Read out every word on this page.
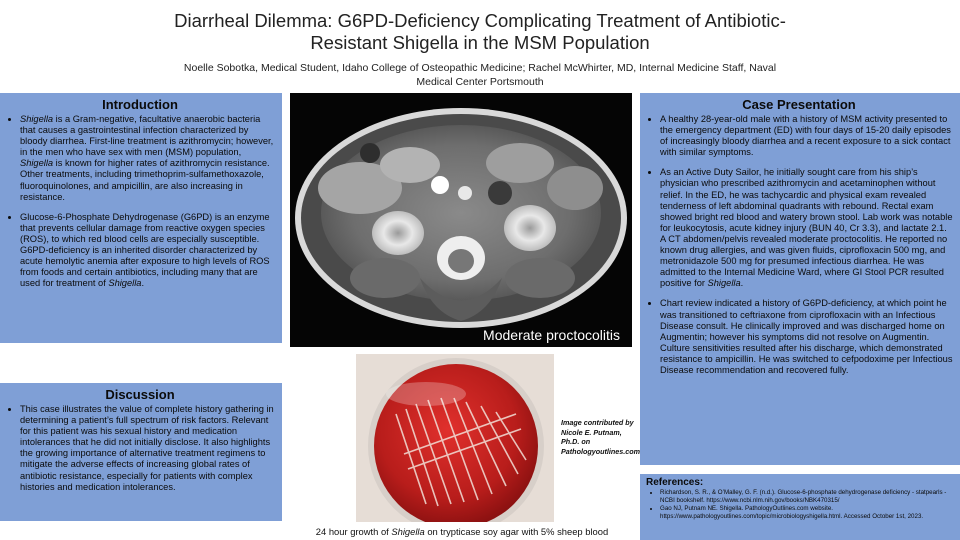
Diarrheal Dilemma: G6PD-Deficiency Complicating Treatment of Antibiotic-
Resistant Shigella in the MSM Population
Noelle Sobotka, Medical Student, Idaho College of Osteopathic Medicine; Rachel McWhirter, MD, Internal Medicine Staff, Naval
Medical Center Portsmouth
Introduction
• Shigella is a Gram-negative, facultative anaerobic bacteria that causes a gastrointestinal infection characterized by bloody diarrhea. First-line treatment is azithromycin; however, in the men who have sex with men (MSM) population, Shigella is known for higher rates of azithromycin resistance. Other treatments, including trimethoprim-sulfamethoxazole, fluoroquinolones, and ampicillin, are also increasing in resistance.
• Glucose-6-Phosphate Dehydrogenase (G6PD) is an enzyme that prevents cellular damage from reactive oxygen species (ROS), to which red blood cells are especially susceptible. G6PD-deficiency is an inherited disorder characterized by acute hemolytic anemia after exposure to high levels of ROS from foods and certain antibiotics, including many that are used for treatment of Shigella.
Discussion
• This case illustrates the value of complete history gathering in determining a patient’s full spectrum of risk factors. Relevant for this patient was his sexual history and medication intolerances that he did not initially disclose. It also highlights the growing importance of alternative treatment regimens to mitigate the adverse effects of increasing global rates of antibiotic resistance, especially for patients with complex histories and medication intolerances.
Moderate proctocolitis
Image contributed by Nicole E. Putnam, Ph.D. on Pathologyoutlines.com
24 hour growth of Shigella on trypticase soy agar with 5% sheep blood
Case Presentation
• A healthy 28-year-old male with a history of MSM activity presented to the emergency department (ED) with four days of 15-20 daily episodes of increasingly bloody diarrhea and a recent exposure to a sick contact with similar symptoms.
• As an Active Duty Sailor, he initially sought care from his ship’s physician who prescribed azithromycin and acetaminophen without relief. In the ED, he was tachycardic and physical exam revealed tenderness of left abdominal quadrants with rebound. Rectal exam showed bright red blood and watery brown stool. Lab work was notable for leukocytosis, acute kidney injury (BUN 40, Cr 3.3), and lactate 2.1. A CT abdomen/pelvis revealed moderate proctocolitis. He reported no known drug allergies, and was given fluids, ciprofloxacin 500 mg, and metronidazole 500 mg for presumed infectious diarrhea. He was admitted to the Internal Medicine Ward, where GI Stool PCR resulted positive for Shigella.
• Chart review indicated a history of G6PD-deficiency, at which point he was transitioned to ceftriaxone from ciprofloxacin with an Infectious Disease consult. He clinically improved and was discharged home on Augmentin; however his symptoms did not resolve on Augmentin. Culture sensitivities resulted after his discharge, which demonstrated resistance to ampicillin. He was switched to cefpodoxime per Infectious Disease recommendation and recovered fully.
References:
• Richardson, S. R., & O’Malley, G. F. (n.d.). Glucose-6-phosphate dehydrogenase deficiency - statpearls - NCBI bookshelf. https://www.ncbi.nlm.nih.gov/books/NBK470315/
• Gao NJ, Putnam NE. Shigella. PathologyOutlines.com website. https://www.pathologyoutlines.com/topic/microbiologyshigella.html. Accessed October 1st, 2023.
